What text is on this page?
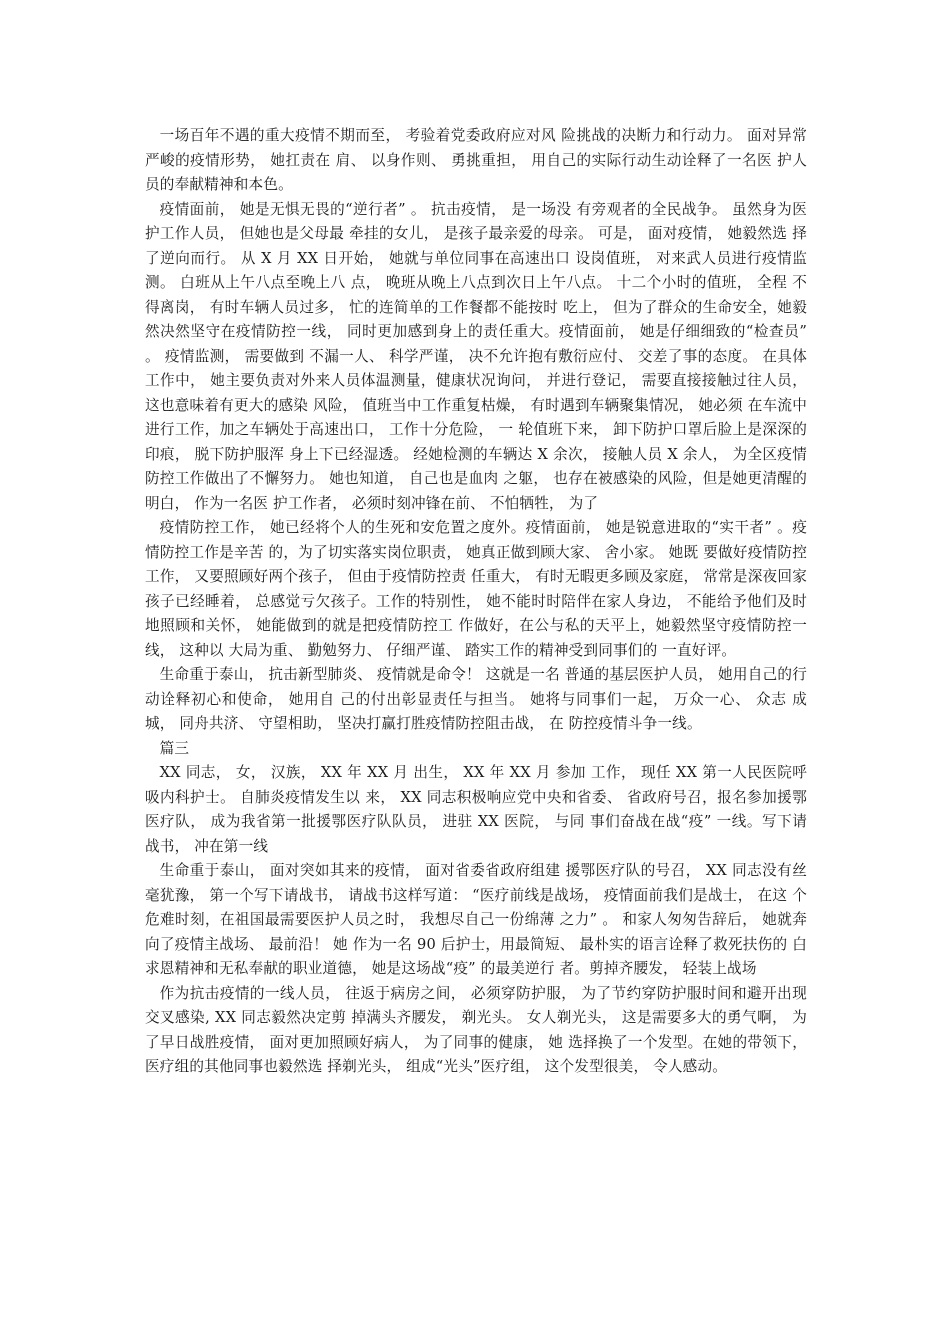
一场百年不遇的重大疫情不期而至， 考验着党委政府应对风 险挑战的决断力和行动力。 面对异常严峻的疫情形势， 她扛责在 肩、 以身作则、 勇挑重担， 用自己的实际行动生动诠释了一名医 护人员的奉献精神和本色。

疫情面前， 她是无惧无畏的“逆行者” 。 抗击疫情， 是一场没 有旁观者的全民战争。 虽然身为医护工作人员， 但她也是父母最 牵挂的女儿， 是孩子最亲爱的母亲。 可是， 面对疫情， 她毅然选 择了逆向而行。 从 X 月 XX 日开始， 她就与单位同事在高速出口 设岗值班， 对来武人员进行疫情监测。 白班从上午八点至晚上八 点， 晚班从晚上八点到次日上午八点。 十二个小时的值班， 全程 不得离岗， 有时车辆人员过多， 忙的连简单的工作餐都不能按时 吃上， 但为了群众的生命安全，她毅然决然坚守在疫情防控一线， 同时更加感到身上的责任重大。疫情面前， 她是仔细细致的“检查员” 。 疫情监测， 需要做到 不漏一人、 科学严谨， 决不允许抱有敷衍应付、 交差了事的态度。 在具体工作中， 她主要负责对外来人员体温测量，健康状况询问， 并进行登记， 需要直接接触过往人员， 这也意味着有更大的感染 风险， 值班当中工作重复枯燥， 有时遇到车辆聚集情况， 她必须 在车流中进行工作，加之车辆处于高速出口， 工作十分危险， 一 轮值班下来， 卸下防护口罩后脸上是深深的印痕， 脱下防护服浑 身上下已经湿透。 经她检测的车辆达 X 余次， 接触人员 X 余人， 为全区疫情防控工作做出了不懈努力。 她也知道， 自己也是血肉 之躯， 也存在被感染的风险，但是她更清醒的明白， 作为一名医 护工作者， 必须时刻冲锋在前、 不怕牺牲， 为了

疫情防控工作， 她已经将个人的生死和安危置之度外。疫情面前， 她是锐意进取的“实干者” 。疫情防控工作是辛苦 的，为了切实落实岗位职责， 她真正做到顾大家、 舍小家。 她既 要做好疫情防控工作， 又要照顾好两个孩子， 但由于疫情防控责 任重大， 有时无暇更多顾及家庭， 常常是深夜回家孩子已经睡着， 总感觉亏欠孩子。工作的特别性， 她不能时时陪伴在家人身边， 不能给予他们及时地照顾和关怀， 她能做到的就是把疫情防控工 作做好，在公与私的天平上，她毅然坚守疫情防控一线， 这种以 大局为重、 勤勉努力、 仔细严谨、 踏实工作的精神受到同事们的 一直好评。

生命重于泰山， 抗击新型肺炎、 疫情就是命令！ 这就是一名 普通的基层医护人员， 她用自己的行动诠释初心和使命， 她用自 己的付出彰显责任与担当。 她将与同事们一起， 万众一心、 众志 成城， 同舟共济、 守望相助， 坚决打赢打胜疫情防控阻击战， 在 防控疫情斗争一线。

篇三

XX 同志， 女， 汉族， XX 年 XX 月 出生， XX 年 XX 月 参加 工作， 现任 XX 第一人民医院呼吸内科护士。 自肺炎疫情发生以 来， XX 同志积极响应党中央和省委、 省政府号召，报名参加援鄂 医疗队， 成为我省第一批援鄂医疗队队员， 进驻 XX 医院， 与同 事们奋战在战“疫” 一线。写下请战书， 冲在第一线

生命重于泰山， 面对突如其来的疫情， 面对省委省政府组建 援鄂医疗队的号召， XX 同志没有丝毫犹豫， 第一个写下请战书， 请战书这样写道： “医疗前线是战场， 疫情面前我们是战士， 在这 个危难时刻，在祖国最需要医护人员之时， 我想尽自己一份绵薄 之力” 。 和家人匆匆告辞后， 她就奔向了疫情主战场、 最前沿！ 她 作为一名 90 后护士，用最简短、 最朴实的语言诠释了救死扶伤的 白求恩精神和无私奉献的职业道德， 她是这场战“疫” 的最美逆行 者。剪掉齐腰发， 轻装上战场

作为抗击疫情的一线人员， 往返于病房之间， 必须穿防护服， 为了节约穿防护服时间和避开出现交叉感染, XX 同志毅然决定剪 掉满头齐腰发， 剃光头。 女人剃光头， 这是需要多大的勇气啊， 为了早日战胜疫情， 面对更加照顾好病人， 为了同事的健康， 她 选择换了一个发型。在她的带领下， 医疗组的其他同事也毅然选 择剃光头， 组成“光头”医疗组， 这个发型很美， 令人感动。
